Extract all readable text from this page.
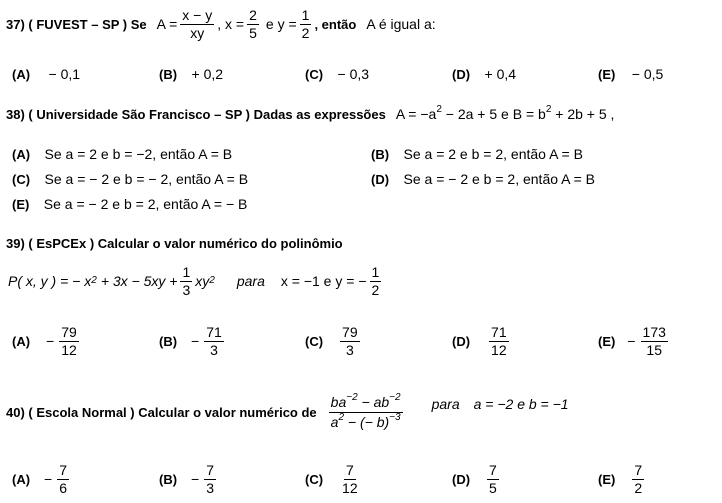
37) ( FUVEST – SP ) Se $A = \frac{x - y}{xy}$ , $x = \frac{2}{5}$ e $y = \frac{1}{2}$ , então A é igual a:
(A) − 0,1	(B) + 0,2	(C) − 0,3	(D) + 0,4	(E) − 0,5
38) ( Universidade São Francisco – SP ) Dadas as expressões $A = -a^2 - 2a + 5$ e $B = b^2 + 2b + 5$ ,
(A) Se a = 2 e b = −2, então A = B	(B) Se a = 2 e b = 2, então A = B
(C) Se a = − 2 e b = − 2, então A = B	(D) Se a = − 2 e b = 2, então A = B
(E) Se a = − 2 e b = 2, então A = − B
39) ( EsPCEx ) Calcular o valor numérico do polinômio
P( x, y ) = − x $2 + 3x - 5xy + \frac{1}{3}$ xy 2 para x = −1 e y = − $\frac{1}{2}$
$(A) - \frac{79}{12}$	$(B) - \frac{71}{3}$	$(C) \frac{79}{3}$	$(D) \frac{71}{12}$	$(E) - \frac{173}{15}$
40) ( Escola Normal ) Calcular o valor numérico de $\frac{ba^{-2} - ab^{-2}}{a^2 - (- b)^{-3}}$ para a = −2 e b = −1
$(A) - \frac{7}{6}$	$(B) - \frac{7}{3}$	$(C) \frac{7}{12}$	$(D) \frac{7}{5}$	$(E) \frac{7}{2}$
